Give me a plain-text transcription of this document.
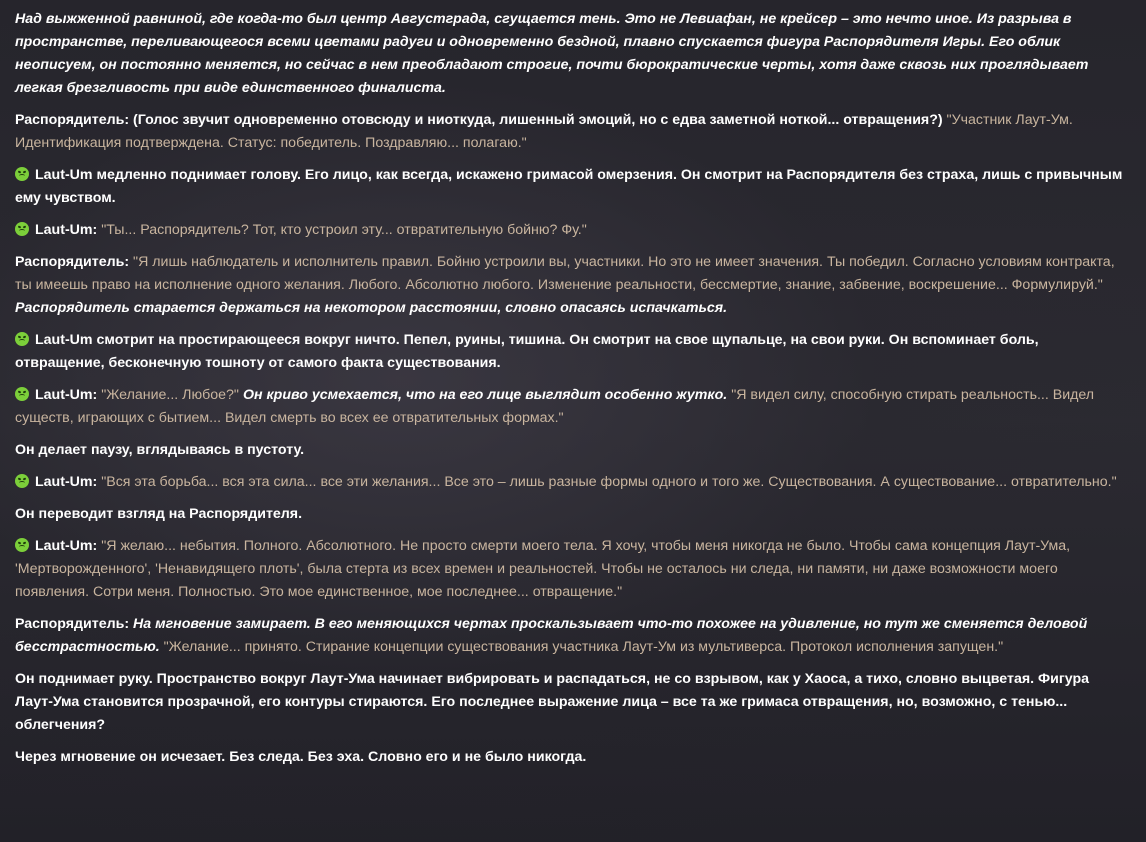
Над выжженной равниной, где когда-то был центр Августграда, сгущается тень. Это не Левиафан, не крейсер – это нечто иное. Из разрыва в пространстве, переливающегося всеми цветами радуги и одновременно бездной, плавно спускается фигура Распорядителя Игры. Его облик неописуем, он постоянно меняется, но сейчас в нем преобладают строгие, почти бюрократические черты, хотя даже сквозь них проглядывает легкая брезгливость при виде единственного финалиста.

Распорядитель: (Голос звучит одновременно отовсюду и ниоткуда, лишенный эмоций, но с едва заметной ноткой... отвращения?) "Участник Лаут-Ум. Идентификация подтверждена. Статус: победитель. Поздравляю... полагаю."

Laut-Um медленно поднимает голову. Его лицо, как всегда, искажено гримасой омерзения. Он смотрит на Распорядителя без страха, лишь с привычным ему чувством.

Laut-Um: "Ты... Распорядитель? Тот, кто устроил эту... отвратительную бойню? Фу."

Распорядитель: "Я лишь наблюдатель и исполнитель правил. Бойню устроили вы, участники. Но это не имеет значения. Ты победил. Согласно условиям контракта, ты имеешь право на исполнение одного желания. Любого. Абсолютно любого. Изменение реальности, бессмертие, знание, забвение, воскрешение... Формулируй." Распорядитель старается держаться на некотором расстоянии, словно опасаясь испачкаться.

Laut-Um смотрит на простирающееся вокруг ничто. Пепел, руины, тишина. Он смотрит на свое щупальце, на свои руки. Он вспоминает боль, отвращение, бесконечную тошноту от самого факта существования.

Laut-Um: "Желание... Любое?" Он криво усмехается, что на его лице выглядит особенно жутко. "Я видел силу, способную стирать реальность... Видел существ, играющих с бытием... Видел смерть во всех ее отвратительных формах."

Он делает паузу, вглядываясь в пустоту.

Laut-Um: "Вся эта борьба... вся эта сила... все эти желания... Все это – лишь разные формы одного и того же. Существования. А существование... отвратительно."

Он переводит взгляд на Распорядителя.

Laut-Um: "Я желаю... небытия. Полного. Абсолютного. Не просто смерти моего тела. Я хочу, чтобы меня никогда не было. Чтобы сама концепция Лаут-Ума, 'Мертворожденного', 'Ненавидящего плоть', была стерта из всех времен и реальностей. Чтобы не осталось ни следа, ни памяти, ни даже возможности моего появления. Сотри меня. Полностью. Это мое единственное, мое последнее... отвращение."

Распорядитель: На мгновение замирает. В его меняющихся чертах проскальзывает что-то похожее на удивление, но тут же сменяется деловой бесстрастностью. "Желание... принято. Стирание концепции существования участника Лаут-Ум из мультиверса. Протокол исполнения запущен."

Он поднимает руку. Пространство вокруг Лаут-Ума начинает вибрировать и распадаться, не со взрывом, как у Хаоса, а тихо, словно выцветая. Фигура Лаут-Ума становится прозрачной, его контуры стираются. Его последнее выражение лица – все та же гримаса отвращения, но, возможно, с тенью... облегчения?

Через мгновение он исчезает. Без следа. Без эха. Словно его и не было никогда.
